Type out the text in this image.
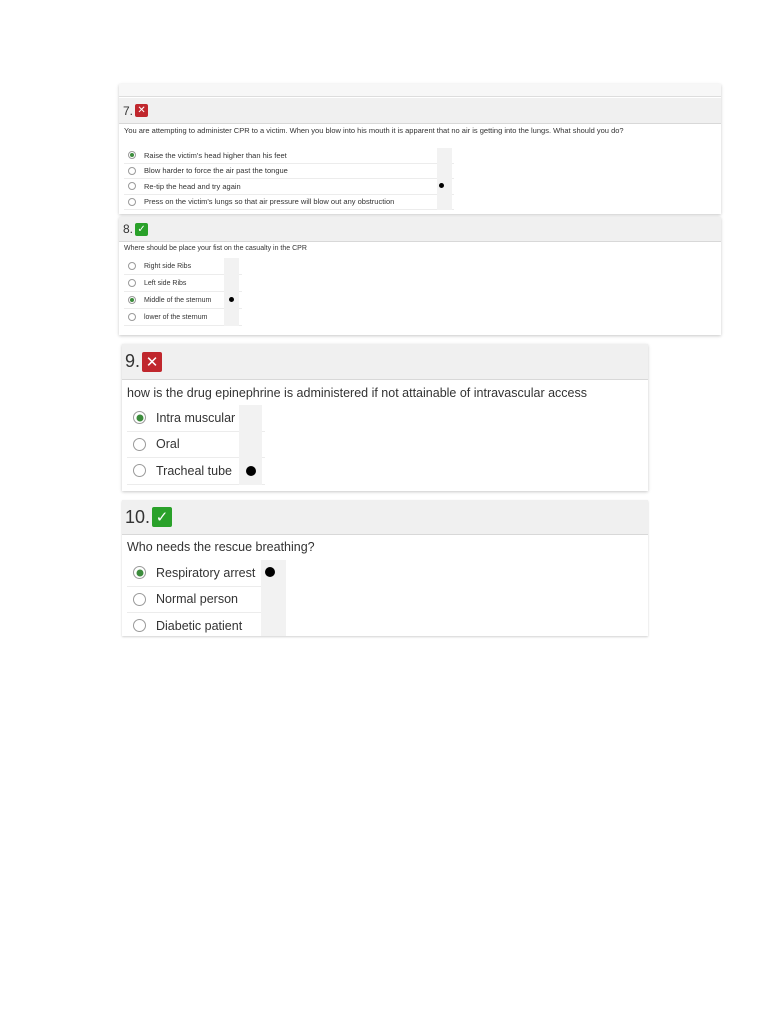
7. ✕
You are attempting to administer CPR to a victim. When you blow into his mouth it is apparent that no air is getting into the lungs. What should you do?
Raise the victim's head higher than his feet
Blow harder to force the air past the tongue
Re-tip the head and try again
Press on the victim's lungs so that air pressure will blow out any obstruction
8. ✓
Where should be place your fist on the casualty in the CPR
Right side Ribs
Left side Ribs
Middle of the sternum
lower of the sternum
9. ✕
how is the drug epinephrine is administered if not attainable of intravascular access
Intra muscular
Oral
Tracheal tube
10. ✓
Who needs the rescue breathing?
Respiratory arrest
Normal person
Diabetic patient
